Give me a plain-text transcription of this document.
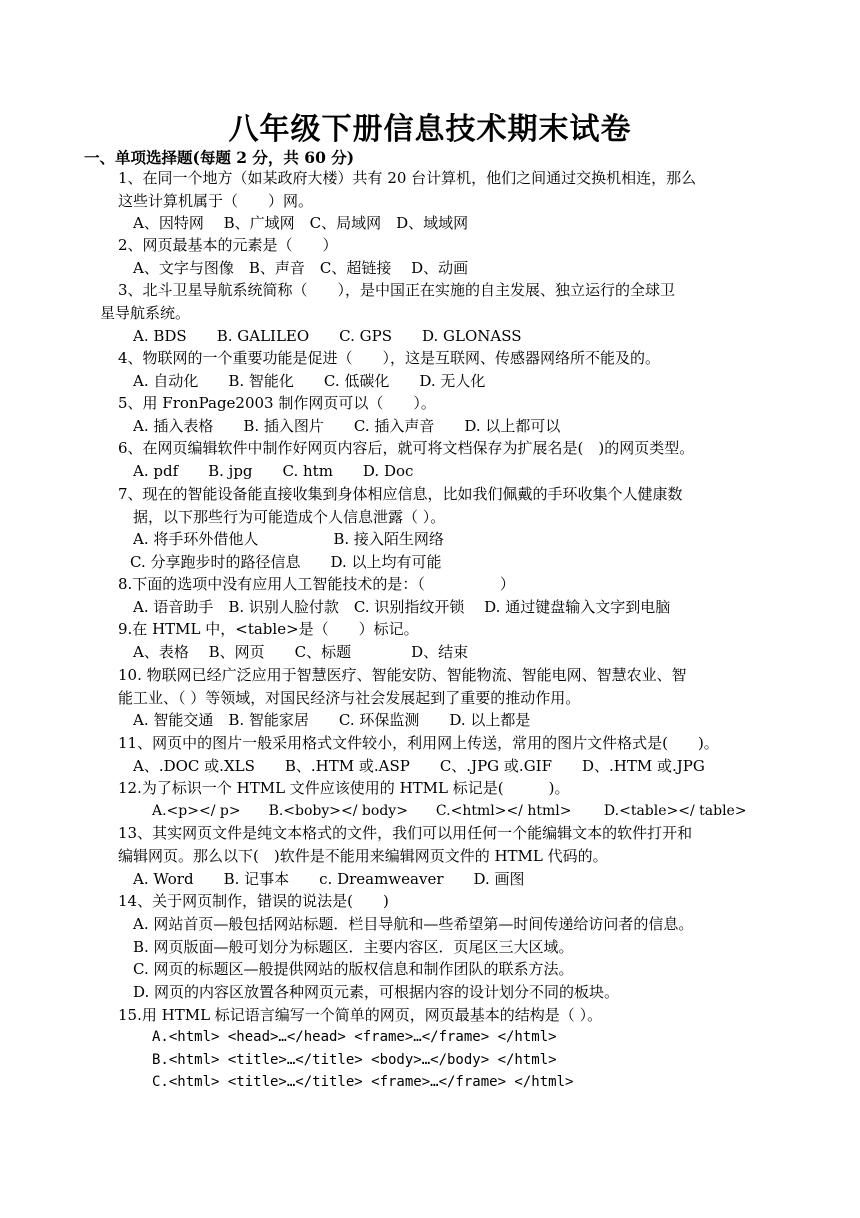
八年级下册信息技术期末试卷
一、单项选择题(每题 2 分，共 60 分)
1、在同一个地方（如某政府大楼）共有 20 台计算机，他们之间通过交换机相连，那么
这些计算机属于（　　）网。
A、因特网　 B、广域网　C、局域网　D、域域网
2、网页最基本的元素是（　　）
A、文字与图像　B、声音　C、超链接　 D、动画
3、北斗卫星导航系统简称（　　），是中国正在实施的自主发展、独立运行的全球卫
星导航系统。
A. BDS　　B. GALILEO　　C. GPS　　D. GLONASS
4、物联网的一个重要功能是促进（　　），这是互联网、传感器网络所不能及的。
A. 自动化　　B. 智能化　　C. 低碳化　　D. 无人化
5、用 FronPage2003 制作网页可以（　　）。
A. 插入表格　　B. 插入图片　　C. 插入声音　　D. 以上都可以
6、在网页编辑软件中制作好网页内容后，就可将文档保存为扩展名是(　)的网页类型。
A. pdf　　B. jpg　　C. htm　　D. Doc
7、现在的智能设备能直接收集到身体相应信息，比如我们佩戴的手环收集个人健康数
据，以下那些行为可能造成个人信息泄露（ ）。
A. 将手环外借他人　　　　　B. 接入陌生网络
C. 分享跑步时的路径信息　　D. 以上均有可能
8.下面的选项中没有应用人工智能技术的是：（　　　　　）
A. 语音助手　B. 识别人脸付款　C. 识别指纹开锁　 D. 通过键盘输入文字到电脑
9.在 HTML 中，<table>是（　　）标记。
A、表格　 B、网页　　C、标题　　　　D、结束
10. 物联网已经广泛应用于智慧医疗、智能安防、智能物流、智能电网、智慧农业、智
能工业、（ ）等领域，对国民经济与社会发展起到了重要的推动作用。
A. 智能交通　B. 智能家居　　C. 环保监测　　D. 以上都是
11、网页中的图片一般采用格式文件较小，利用网上传送，常用的图片文件格式是(　　)。
A、.DOC 或.XLS　　B、.HTM 或.ASP　　C、.JPG 或.GIF　　D、.HTM 或.JPG
12.为了标识一个 HTML 文件应该使用的 HTML 标记是(　　　)。
A.<p></ p>　　B.<boby></ body>　　C.<html></ html>　　 D.<table></ table>
13、其实网页文件是纯文本格式的文件，我们可以用任何一个能编辑文本的软件打开和
编辑网页。那么以下(　)软件是不能用来编辑网页文件的 HTML 代码的。
A. Word　　B. 记事本　　c. Dreamweaver　　D. 画图
14、关于网页制作，错误的说法是(　　)
A. 网站首页—般包括网站标题．栏目导航和—些希望第—时间传递给访问者的信息。
B. 网页版面—般可划分为标题区．主要内容区．页尾区三大区域。
C. 网页的标题区—般提供网站的版权信息和制作团队的联系方法。
D. 网页的内容区放置各种网页元素，可根据内容的设计划分不同的板块。
15.用 HTML 标记语言编写一个简单的网页，网页最基本的结构是（ ）。
A.<html> <head>…</head> <frame>…</frame> </html>
B.<html> <title>…</title> <body>…</body> </html>
C.<html> <title>…</title> <frame>…</frame> </html>
